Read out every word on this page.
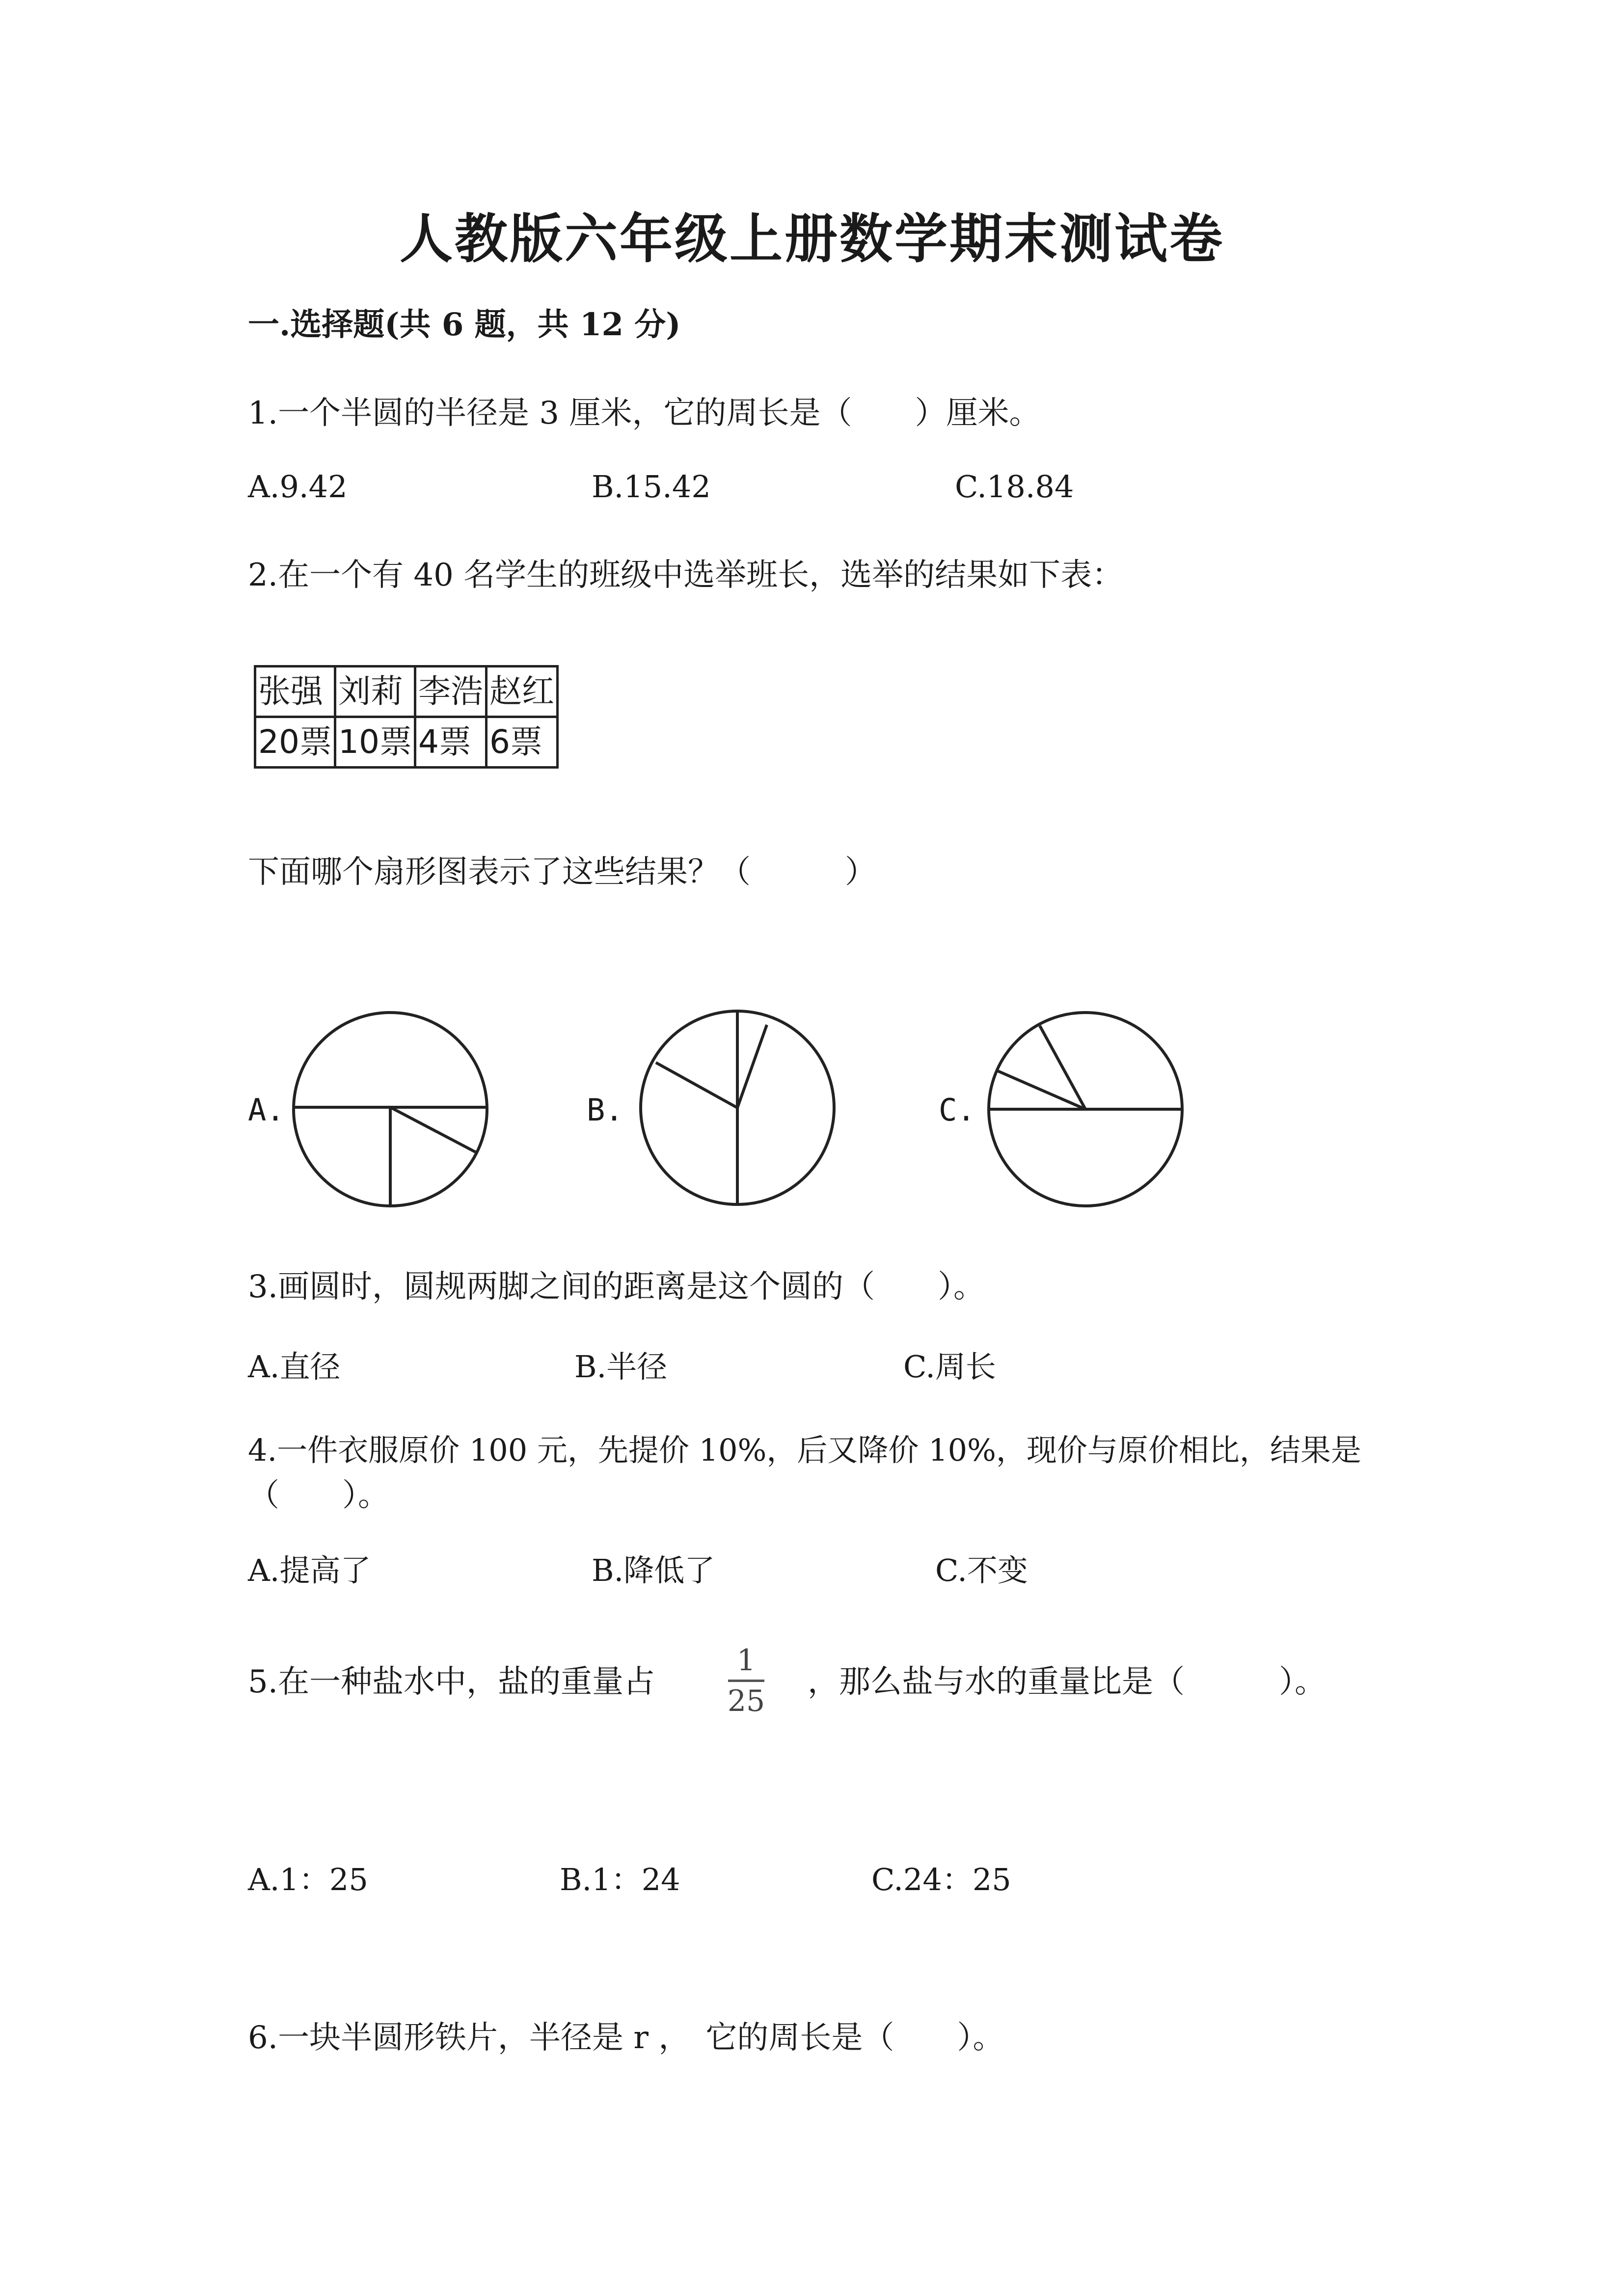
人教版六年级上册数学期末测试卷
一.选择题(共 6 题，共 12 分)
1.一个半圆的半径是 3 厘米，它的周长是（　　）厘米。
A.9.42	B.15.42	C.18.84
2.在一个有 40 名学生的班级中选举班长，选举的结果如下表：
张强	刘莉	李浩	赵红
20票	10票	4票	6票
下面哪个扇形图表示了这些结果？（　　　）
A.	B.	C.
3.画圆时，圆规两脚之间的距离是这个圆的（　　）。
A.直径	B.半径	C.周长
4.一件衣服原价 100 元，先提价 10%，后又降价 10%，现价与原价相比，结果是
（　　）。
A.提高了	B.降低了	C.不变
5.在一种盐水中，盐的重量占
1
25
，那么盐与水的重量比是（　　　）。
A.1：25	B.1：24	C.24：25
6.一块半圆形铁片，半径是 r ，　它的周长是（　　）。
